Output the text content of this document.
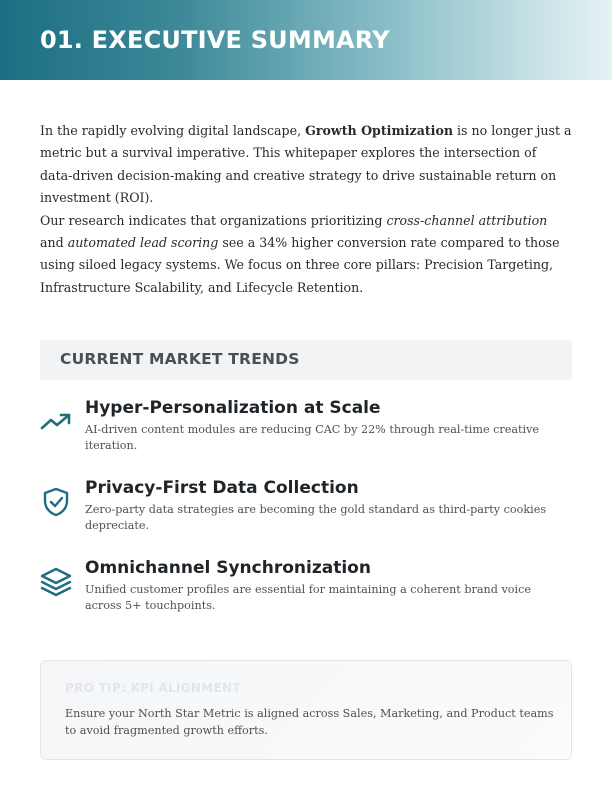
01. EXECUTIVE SUMMARY

In the rapidly evolving digital landscape, Growth Optimization is no longer just a metric but a survival imperative. This whitepaper explores the intersection of data-driven decision-making and creative strategy to drive sustainable return on investment (ROI).

Our research indicates that organizations prioritizing cross-channel attribution and automated lead scoring see a 34% higher conversion rate compared to those using siloed legacy systems. We focus on three core pillars: Precision Targeting, Infrastructure Scalability, and Lifecycle Retention.

CURRENT MARKET TRENDS
Hyper-Personalization at Scale
AI-driven content modules are reducing CAC by 22% through real-time creative iteration.
Privacy-First Data Collection
Zero-party data strategies are becoming the gold standard as third-party cookies depreciate.
Omnichannel Synchronization
Unified customer profiles are essential for maintaining a coherent brand voice across 5+ touchpoints.
PRO TIP: KPI ALIGNMENT
Ensure your North Star Metric is aligned across Sales, Marketing, and Product teams to avoid fragmented growth efforts.
